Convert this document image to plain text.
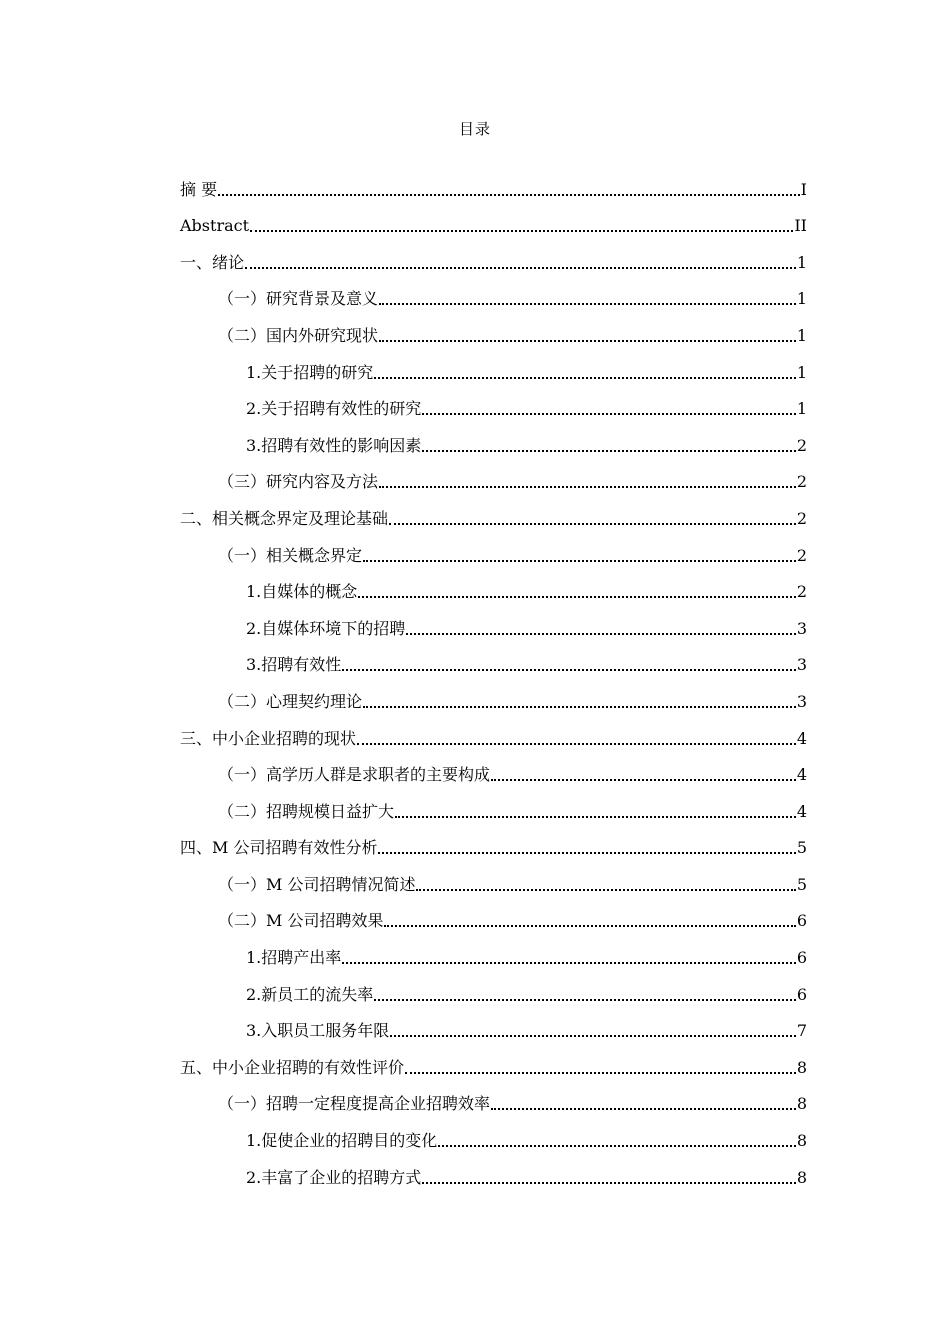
目录
摘 要	I
Abstract	II
一、绪论	1
（一）研究背景及意义	1
（二）国内外研究现状	1
1.关于招聘的研究	1
2.关于招聘有效性的研究	1
3.招聘有效性的影响因素	2
（三）研究内容及方法	2
二、相关概念界定及理论基础	2
（一）相关概念界定	2
1.自媒体的概念	2
2.自媒体环境下的招聘	3
3.招聘有效性	3
（二）心理契约理论	3
三、中小企业招聘的现状	4
（一）高学历人群是求职者的主要构成	4
（二）招聘规模日益扩大	4
四、M 公司招聘有效性分析	5
（一）M 公司招聘情况简述	5
（二）M 公司招聘效果	6
1.招聘产出率	6
2.新员工的流失率	6
3.入职员工服务年限	7
五、中小企业招聘的有效性评价	8
（一）招聘一定程度提高企业招聘效率	8
1.促使企业的招聘目的变化	8
2.丰富了企业的招聘方式	8
